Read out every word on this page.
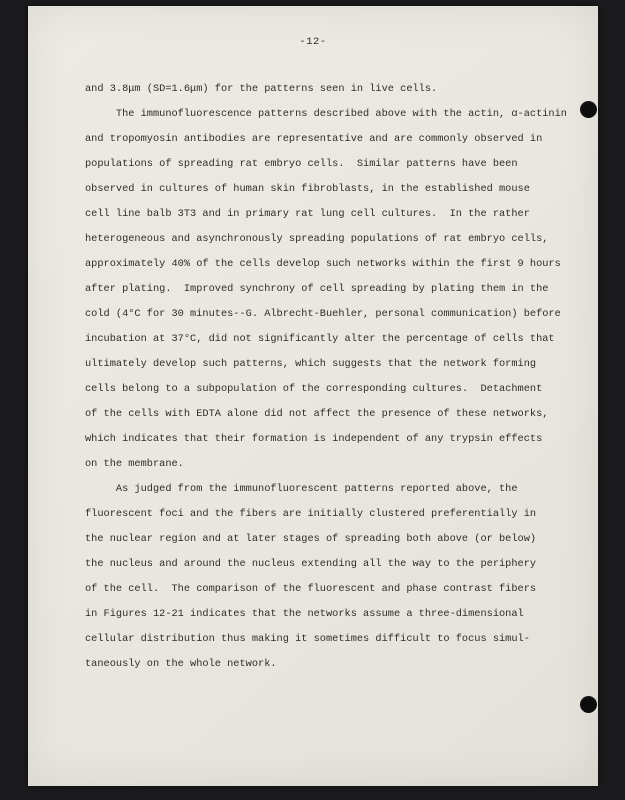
-12-
and 3.8μm (SD=1.6μm) for the patterns seen in live cells.
The immunofluorescence patterns described above with the actin, α-actinin
and tropomyosin antibodies are representative and are commonly observed in
populations of spreading rat embryo cells.  Similar patterns have been
observed in cultures of human skin fibroblasts, in the established mouse
cell line balb 3T3 and in primary rat lung cell cultures.  In the rather
heterogeneous and asynchronously spreading populations of rat embryo cells,
approximately 40% of the cells develop such networks within the first 9 hours
after plating.  Improved synchrony of cell spreading by plating them in the
cold (4°C for 30 minutes--G. Albrecht-Buehler, personal communication) before
incubation at 37°C, did not significantly alter the percentage of cells that
ultimately develop such patterns, which suggests that the network forming
cells belong to a subpopulation of the corresponding cultures.  Detachment
of the cells with EDTA alone did not affect the presence of these networks,
which indicates that their formation is independent of any trypsin effects
on the membrane.
As judged from the immunofluorescent patterns reported above, the
fluorescent foci and the fibers are initially clustered preferentially in
the nuclear region and at later stages of spreading both above (or below)
the nucleus and around the nucleus extending all the way to the periphery
of the cell.  The comparison of the fluorescent and phase contrast fibers
in Figures 12-21 indicates that the networks assume a three-dimensional
cellular distribution thus making it sometimes difficult to focus simul-
taneously on the whole network.
